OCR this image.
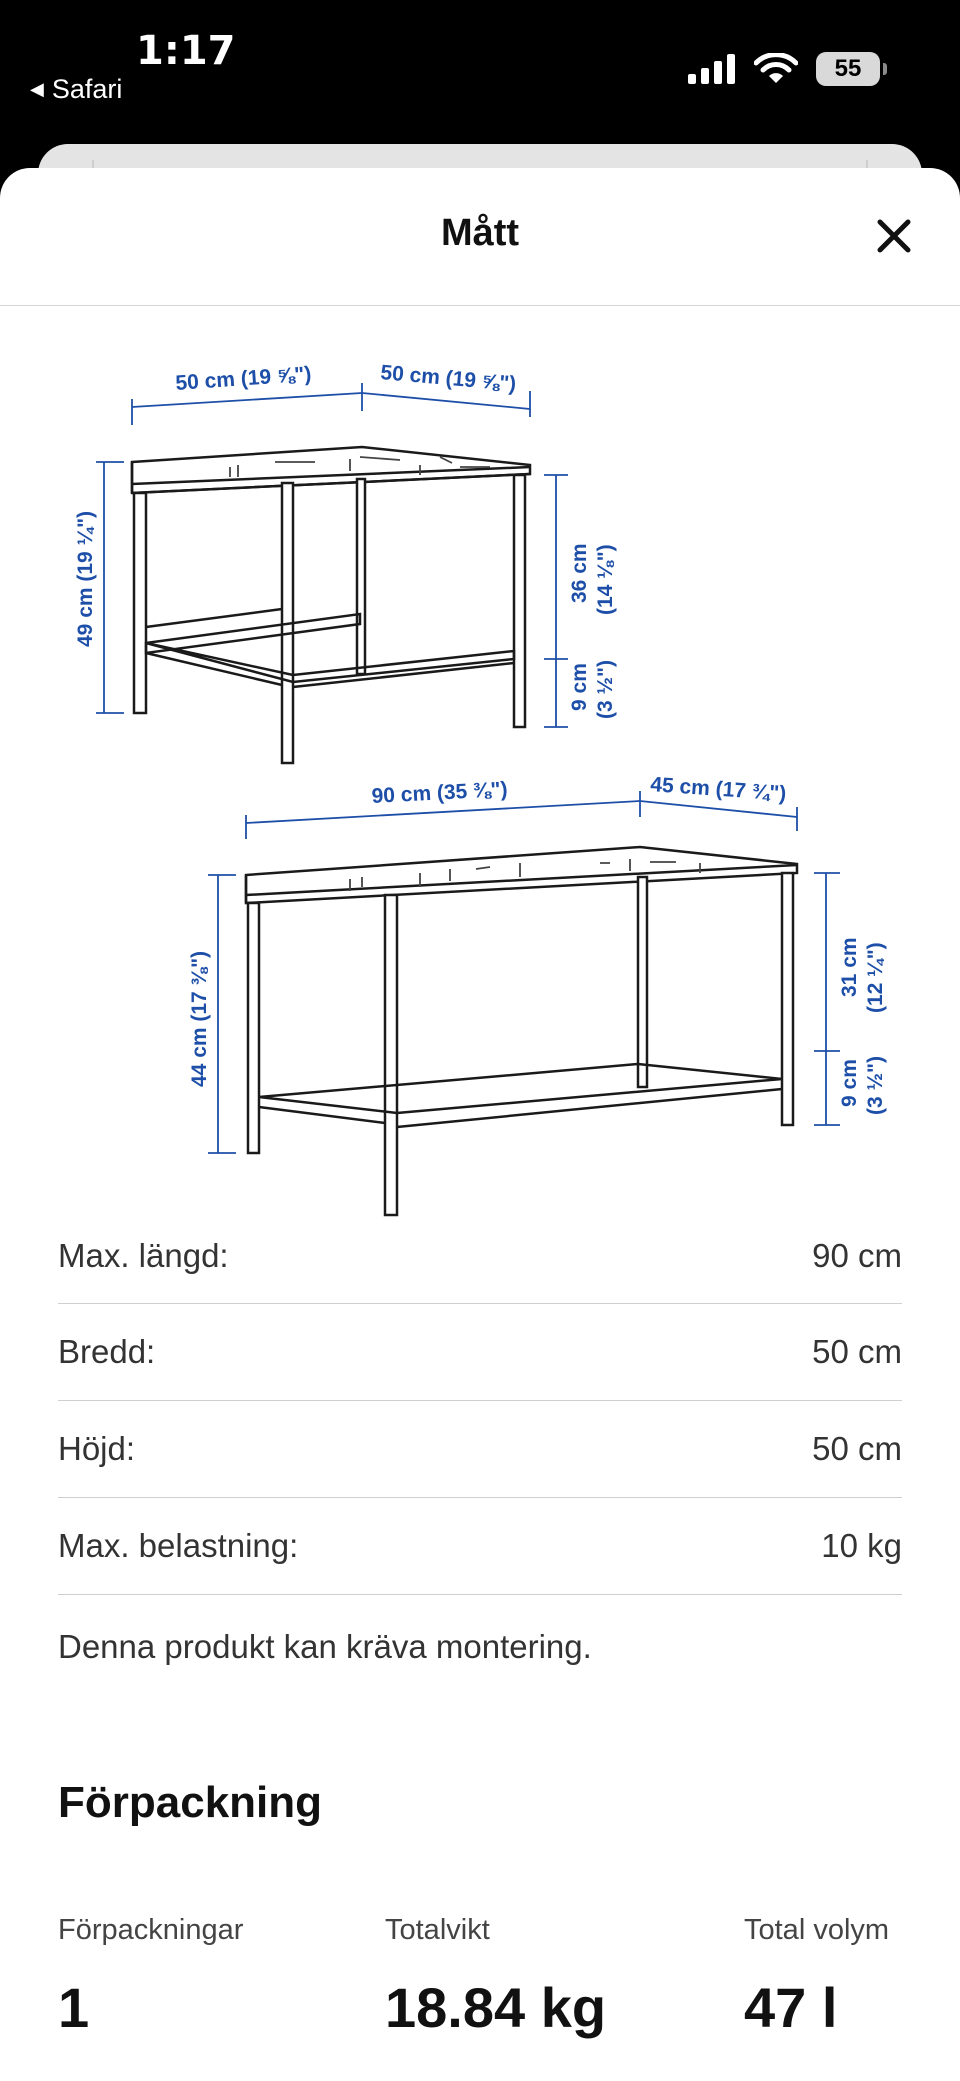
1:17
◀ Safari
55
Mått
50 cm (19 ⅝")	50 cm (19 ⅝")
49 cm (19 ¼")	36 cm (14 ⅛")
9 cm (3 ½")
90 cm (35 ⅜")	45 cm (17 ¾")
44 cm (17 ⅜")	31 cm (12 ¼")
9 cm (3 ½")
Max. längd:	90 cm
Bredd:	50 cm
Höjd:	50 cm
Max. belastning:	10 kg
Denna produkt kan kräva montering.
Förpackning
Förpackningar
1
Totalvikt
18.84 kg
Total volym
47 l
